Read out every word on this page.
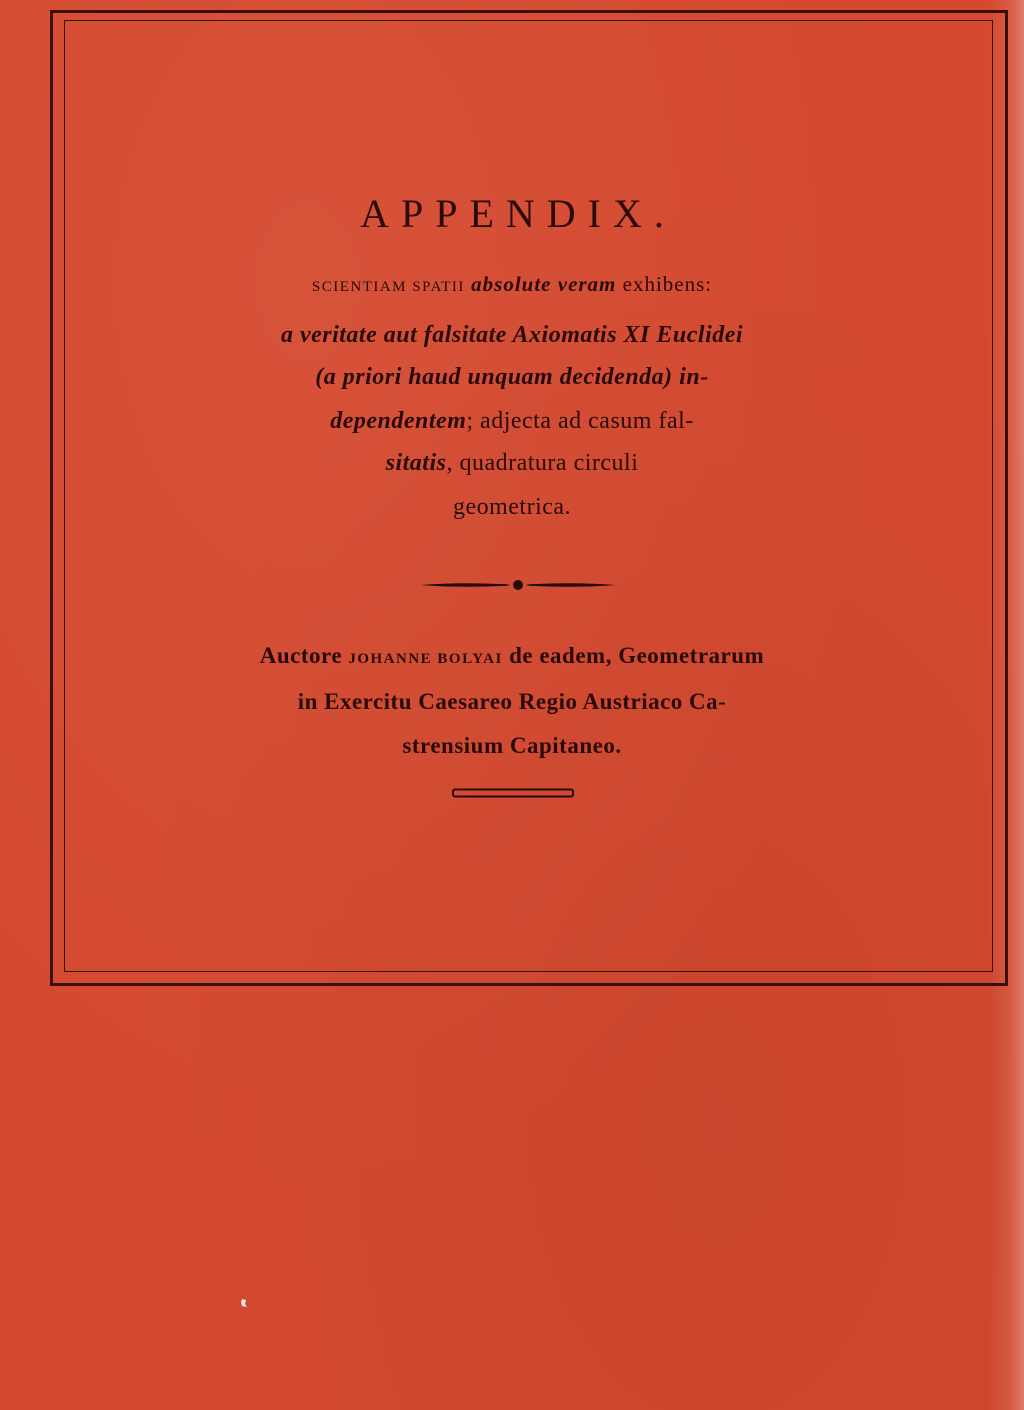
APPENDIX.
SCIENTIAM SPATII absolute veram exhibens:
a veritate aut falsitate Axiomatis XI Euclidei
(a priori haud unquam decidenda) in-
dependentem; adjecta ad casum fal-
sitatis, quadratura circuli
geometrica.
Auctore JOHANNE BOLYAI de eadem, Geometrarum
in Exercitu Caesareo Regio Austriaco Ca-
strensium Capitaneo.
